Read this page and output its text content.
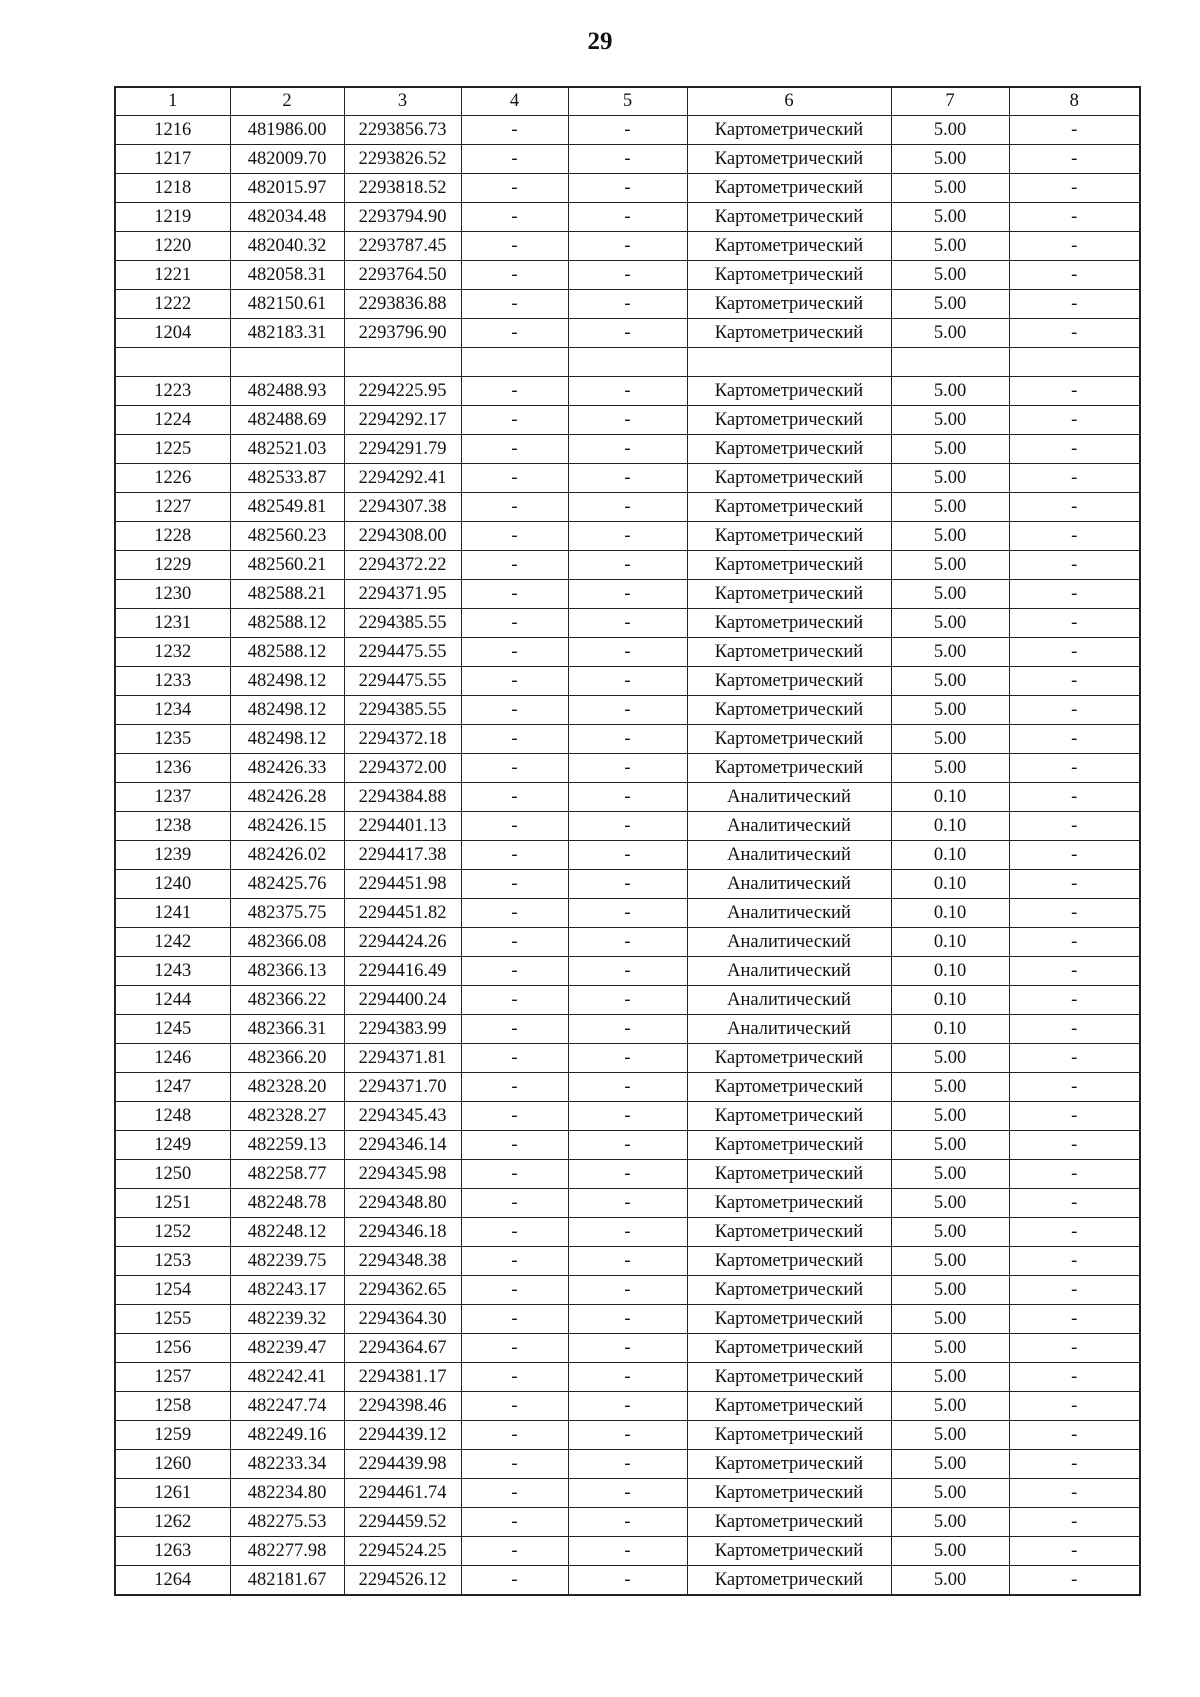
29
1	2	3	4	5	6	7	8
1216	481986.00	2293856.73	-	-	Картометрический	5.00	-
1217	482009.70	2293826.52	-	-	Картометрический	5.00	-
1218	482015.97	2293818.52	-	-	Картометрический	5.00	-
1219	482034.48	2293794.90	-	-	Картометрический	5.00	-
1220	482040.32	2293787.45	-	-	Картометрический	5.00	-
1221	482058.31	2293764.50	-	-	Картометрический	5.00	-
1222	482150.61	2293836.88	-	-	Картометрический	5.00	-
1204	482183.31	2293796.90	-	-	Картометрический	5.00	-

1223	482488.93	2294225.95	-	-	Картометрический	5.00	-
1224	482488.69	2294292.17	-	-	Картометрический	5.00	-
1225	482521.03	2294291.79	-	-	Картометрический	5.00	-
1226	482533.87	2294292.41	-	-	Картометрический	5.00	-
1227	482549.81	2294307.38	-	-	Картометрический	5.00	-
1228	482560.23	2294308.00	-	-	Картометрический	5.00	-
1229	482560.21	2294372.22	-	-	Картометрический	5.00	-
1230	482588.21	2294371.95	-	-	Картометрический	5.00	-
1231	482588.12	2294385.55	-	-	Картометрический	5.00	-
1232	482588.12	2294475.55	-	-	Картометрический	5.00	-
1233	482498.12	2294475.55	-	-	Картометрический	5.00	-
1234	482498.12	2294385.55	-	-	Картометрический	5.00	-
1235	482498.12	2294372.18	-	-	Картометрический	5.00	-
1236	482426.33	2294372.00	-	-	Картометрический	5.00	-
1237	482426.28	2294384.88	-	-	Аналитический	0.10	-
1238	482426.15	2294401.13	-	-	Аналитический	0.10	-
1239	482426.02	2294417.38	-	-	Аналитический	0.10	-
1240	482425.76	2294451.98	-	-	Аналитический	0.10	-
1241	482375.75	2294451.82	-	-	Аналитический	0.10	-
1242	482366.08	2294424.26	-	-	Аналитический	0.10	-
1243	482366.13	2294416.49	-	-	Аналитический	0.10	-
1244	482366.22	2294400.24	-	-	Аналитический	0.10	-
1245	482366.31	2294383.99	-	-	Аналитический	0.10	-
1246	482366.20	2294371.81	-	-	Картометрический	5.00	-
1247	482328.20	2294371.70	-	-	Картометрический	5.00	-
1248	482328.27	2294345.43	-	-	Картометрический	5.00	-
1249	482259.13	2294346.14	-	-	Картометрический	5.00	-
1250	482258.77	2294345.98	-	-	Картометрический	5.00	-
1251	482248.78	2294348.80	-	-	Картометрический	5.00	-
1252	482248.12	2294346.18	-	-	Картометрический	5.00	-
1253	482239.75	2294348.38	-	-	Картометрический	5.00	-
1254	482243.17	2294362.65	-	-	Картометрический	5.00	-
1255	482239.32	2294364.30	-	-	Картометрический	5.00	-
1256	482239.47	2294364.67	-	-	Картометрический	5.00	-
1257	482242.41	2294381.17	-	-	Картометрический	5.00	-
1258	482247.74	2294398.46	-	-	Картометрический	5.00	-
1259	482249.16	2294439.12	-	-	Картометрический	5.00	-
1260	482233.34	2294439.98	-	-	Картометрический	5.00	-
1261	482234.80	2294461.74	-	-	Картометрический	5.00	-
1262	482275.53	2294459.52	-	-	Картометрический	5.00	-
1263	482277.98	2294524.25	-	-	Картометрический	5.00	-
1264	482181.67	2294526.12	-	-	Картометрический	5.00	-
